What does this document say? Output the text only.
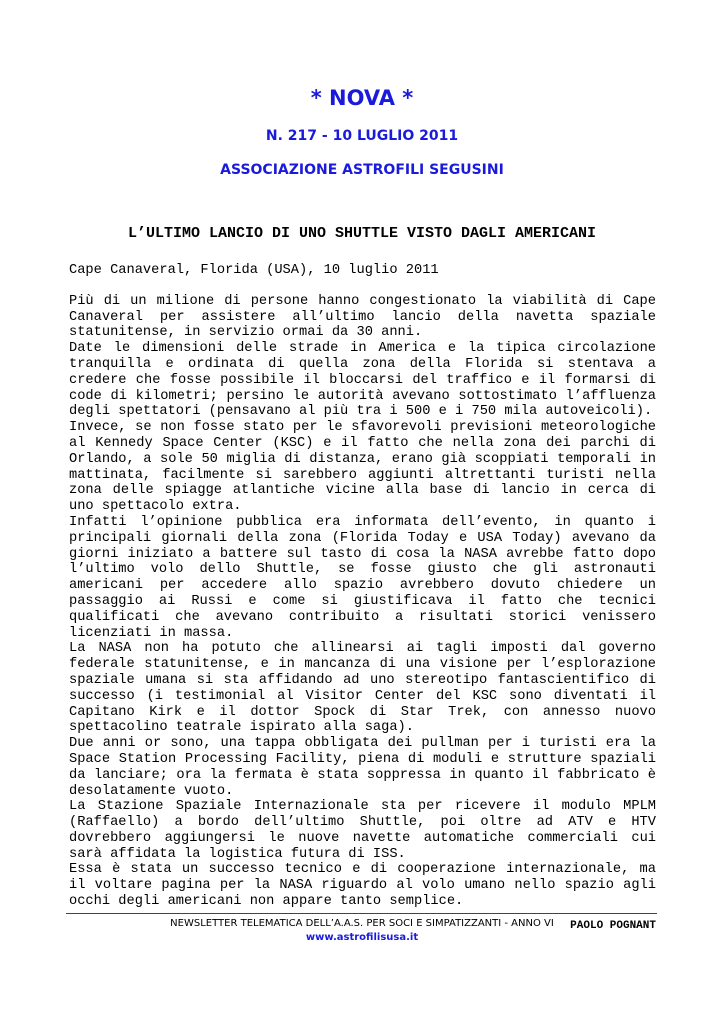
* NOVA *
N. 217 - 10 LUGLIO 2011
ASSOCIAZIONE ASTROFILI SEGUSINI
L’ULTIMO LANCIO DI UNO SHUTTLE VISTO DAGLI AMERICANI
Cape Canaveral, Florida (USA), 10 luglio 2011

Più di un milione di persone hanno congestionato la viabilità di Cape Canaveral per assistere all’ultimo lancio della navetta spaziale statunitense, in servizio ormai da 30 anni.

Date le dimensioni delle strade in America e la tipica circolazione tranquilla e ordinata di quella zona della Florida si stentava a credere che fosse possibile il bloccarsi del traffico e il formarsi di code di kilometri; persino le autorità avevano sottostimato l’affluenza degli spettatori (pensavano al più tra i 500 e i 750 mila autoveicoli).

Invece, se non fosse stato per le sfavorevoli previsioni meteorologiche al Kennedy Space Center (KSC) e il fatto che nella zona dei parchi di Orlando, a sole 50 miglia di distanza, erano già scoppiati temporali in mattinata, facilmente si sarebbero aggiunti altrettanti turisti nella zona delle spiagge atlantiche vicine alla base di lancio in cerca di uno spettacolo extra.

Infatti l’opinione pubblica era informata dell’evento, in quanto i principali giornali della zona (Florida Today e USA Today) avevano da giorni iniziato a battere sul tasto di cosa la NASA avrebbe fatto dopo l’ultimo volo dello Shuttle, se fosse giusto che gli astronauti americani per accedere allo spazio avrebbero dovuto chiedere un passaggio ai Russi e come si giustificava il fatto che tecnici qualificati che avevano contribuito a risultati storici venissero licenziati in massa.

La NASA non ha potuto che allinearsi ai tagli imposti dal governo federale statunitense, e in mancanza di una visione per l’esplorazione spaziale umana si sta affidando ad uno stereotipo fantascientifico di successo (i testimonial al Visitor Center del KSC sono diventati il Capitano Kirk e il dottor Spock di Star Trek, con annesso nuovo spettacolino teatrale ispirato alla saga).

Due anni or sono, una tappa obbligata dei pullman per i turisti era la Space Station Processing Facility, piena di moduli e strutture spaziali da lanciare; ora la fermata è stata soppressa in quanto il fabbricato è desolatamente vuoto.

La Stazione Spaziale Internazionale sta per ricevere il modulo MPLM (Raffaello) a bordo dell’ultimo Shuttle, poi oltre ad ATV e HTV dovrebbero aggiungersi le nuove navette automatiche commerciali cui sarà affidata la logistica futura di ISS.

Essa è stata un successo tecnico e di cooperazione internazionale, ma il voltare pagina per la NASA riguardo al volo umano nello spazio agli occhi degli americani non appare tanto semplice.

PAOLO POGNANT
NEWSLETTER TELEMATICA DELL’A.A.S. PER SOCI E SIMPATIZZANTI - ANNO VI
www.astrofilisusa.it
